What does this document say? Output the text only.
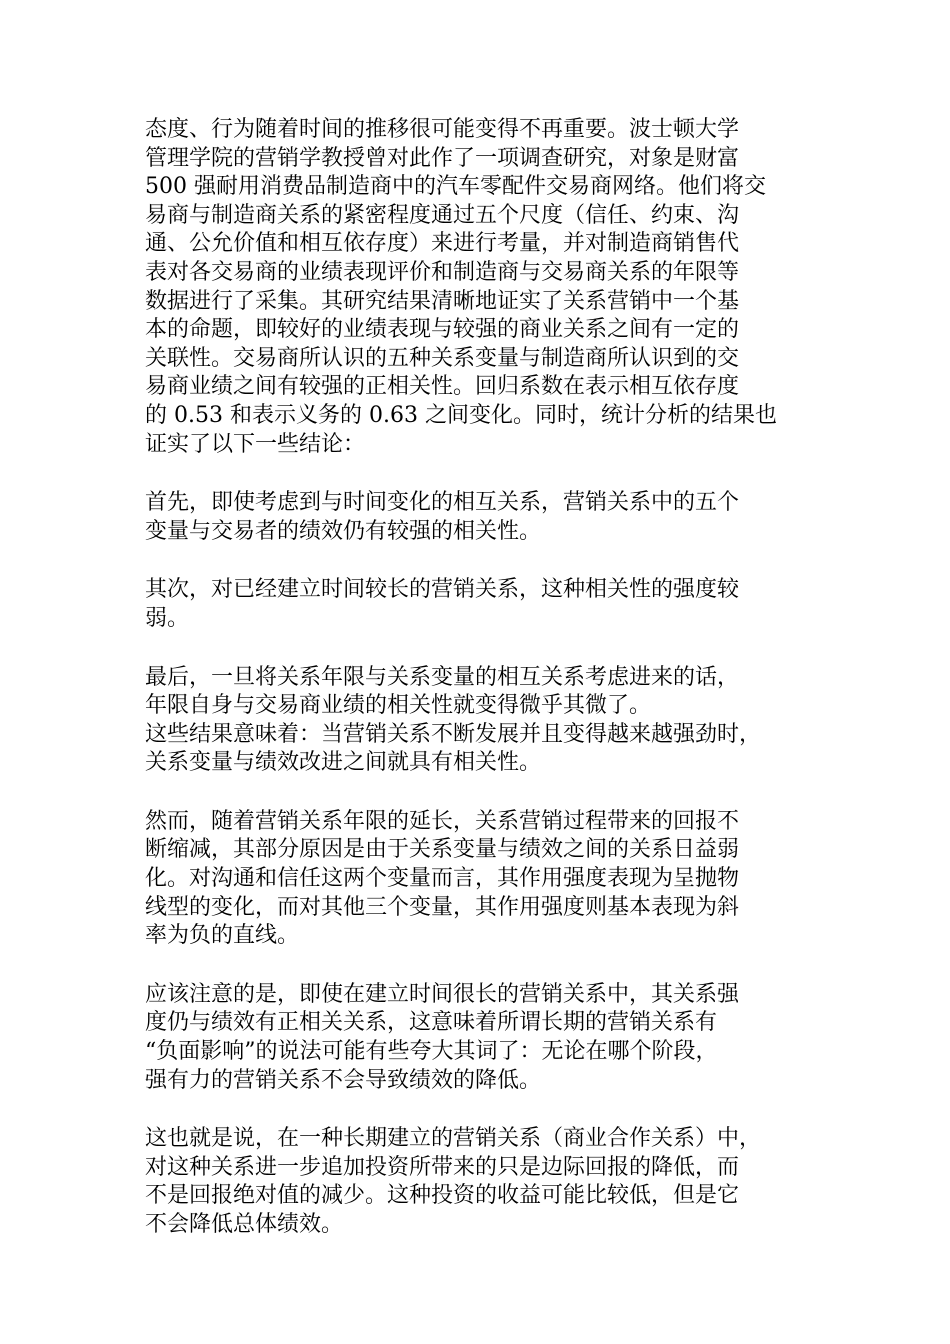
态度、行为随着时间的推移很可能变得不再重要。波士顿大学
管理学院的营销学教授曾对此作了一项调查研究，对象是财富
500 强耐用消费品制造商中的汽车零配件交易商网络。他们将交
易商与制造商关系的紧密程度通过五个尺度（信任、约束、沟
通、公允价值和相互依存度）来进行考量，并对制造商销售代
表对各交易商的业绩表现评价和制造商与交易商关系的年限等
数据进行了采集。其研究结果清晰地证实了关系营销中一个基
本的命题，即较好的业绩表现与较强的商业关系之间有一定的
关联性。交易商所认识的五种关系变量与制造商所认识到的交
易商业绩之间有较强的正相关性。回归系数在表示相互依存度
的 0.53 和表示义务的 0.63 之间变化。同时，统计分析的结果也
证实了以下一些结论：
首先，即使考虑到与时间变化的相互关系，营销关系中的五个
变量与交易者的绩效仍有较强的相关性。
其次，对已经建立时间较长的营销关系，这种相关性的强度较
弱。
最后，一旦将关系年限与关系变量的相互关系考虑进来的话，
年限自身与交易商业绩的相关性就变得微乎其微了。
这些结果意味着：当营销关系不断发展并且变得越来越强劲时，
关系变量与绩效改进之间就具有相关性。
然而，随着营销关系年限的延长，关系营销过程带来的回报不
断缩减，其部分原因是由于关系变量与绩效之间的关系日益弱
化。对沟通和信任这两个变量而言，其作用强度表现为呈抛物
线型的变化，而对其他三个变量，其作用强度则基本表现为斜
率为负的直线。
应该注意的是，即使在建立时间很长的营销关系中，其关系强
度仍与绩效有正相关关系，这意味着所谓长期的营销关系有
“负面影响”的说法可能有些夸大其词了：无论在哪个阶段，
强有力的营销关系不会导致绩效的降低。
这也就是说，在一种长期建立的营销关系（商业合作关系）中，
对这种关系进一步追加投资所带来的只是边际回报的降低，而
不是回报绝对值的减少。这种投资的收益可能比较低，但是它
不会降低总体绩效。
